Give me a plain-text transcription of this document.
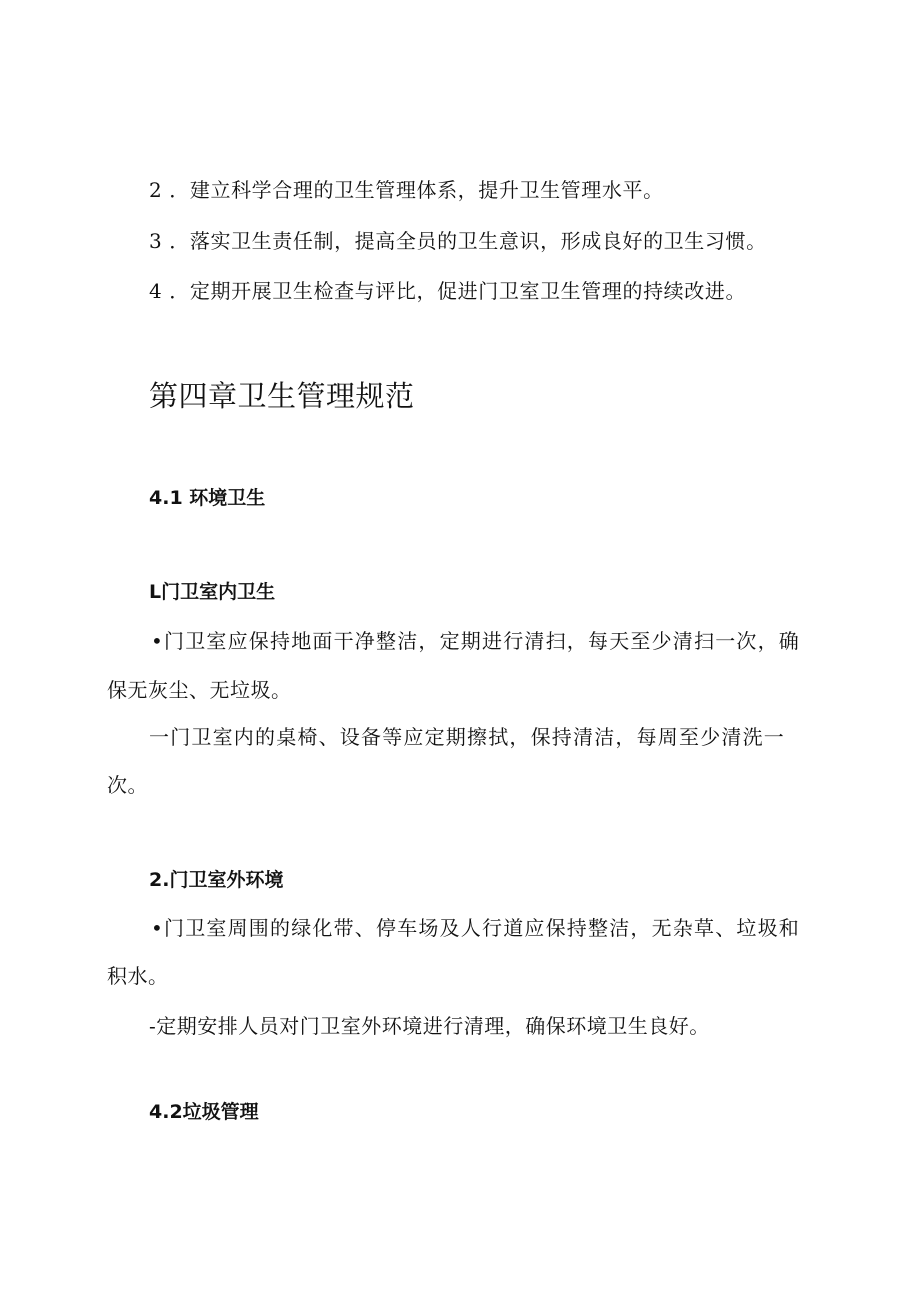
2 ．建立科学合理的卫生管理体系，提升卫生管理水平。
3 ．落实卫生责任制，提高全员的卫生意识，形成良好的卫生习惯。
4 ．定期开展卫生检查与评比，促进门卫室卫生管理的持续改进。
第四章卫生管理规范
4.1 环境卫生
L门卫室内卫生
•门卫室应保持地面干净整洁，定期进行清扫，每天至少清扫一次，确
保无灰尘、无垃圾。
一门卫室内的桌椅、设备等应定期擦拭，保持清洁，每周至少清洗一
次。
2.门卫室外环境
•门卫室周围的绿化带、停车场及人行道应保持整洁，无杂草、垃圾和
积水。
-定期安排人员对门卫室外环境进行清理，确保环境卫生良好。
4.2垃圾管理
